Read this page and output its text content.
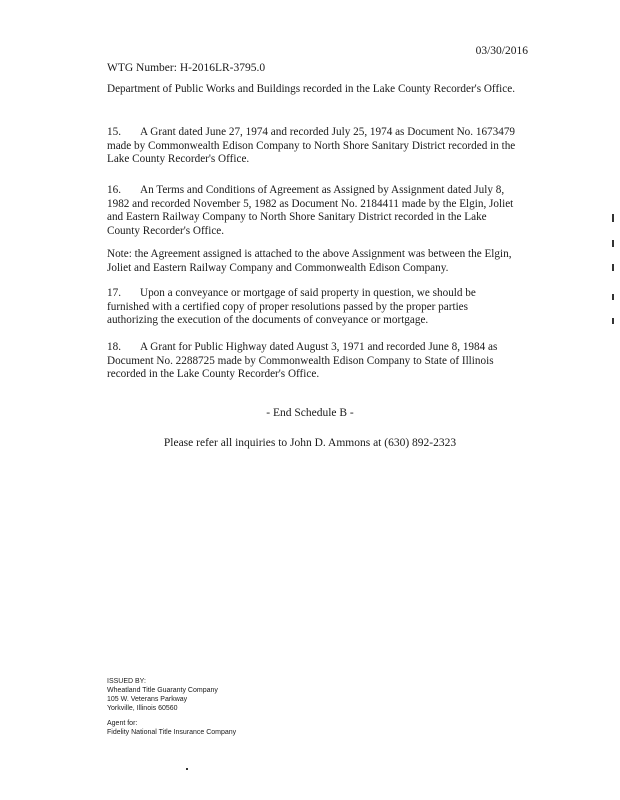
03/30/2016
WTG Number: H-2016LR-3795.0
Department of Public Works and Buildings recorded in the Lake County Recorder's Office.
15. A Grant dated June 27, 1974 and recorded July 25, 1974 as Document No. 1673479 made by Commonwealth Edison Company to North Shore Sanitary District recorded in the Lake County Recorder's Office.
16. An Terms and Conditions of Agreement as Assigned by Assignment dated July 8, 1982 and recorded November 5, 1982 as Document No. 2184411 made by the Elgin, Joliet and Eastern Railway Company to North Shore Sanitary District recorded in the Lake County Recorder's Office.
Note: the Agreement assigned is attached to the above Assignment was between the Elgin, Joliet and Eastern Railway Company and Commonwealth Edison Company.
17. Upon a conveyance or mortgage of said property in question, we should be furnished with a certified copy of proper resolutions passed by the proper parties authorizing the execution of the documents of conveyance or mortgage.
18. A Grant for Public Highway dated August 3, 1971 and recorded June 8, 1984 as Document No. 2288725 made by Commonwealth Edison Company to State of Illinois recorded in the Lake County Recorder's Office.
- End Schedule B -
Please refer all inquiries to John D. Ammons at (630) 892-2323
ISSUED BY:
Wheatland Title Guaranty Company
105 W. Veterans Parkway
Yorkville, Illinois 60560
Agent for:
Fidelity National Title Insurance Company
